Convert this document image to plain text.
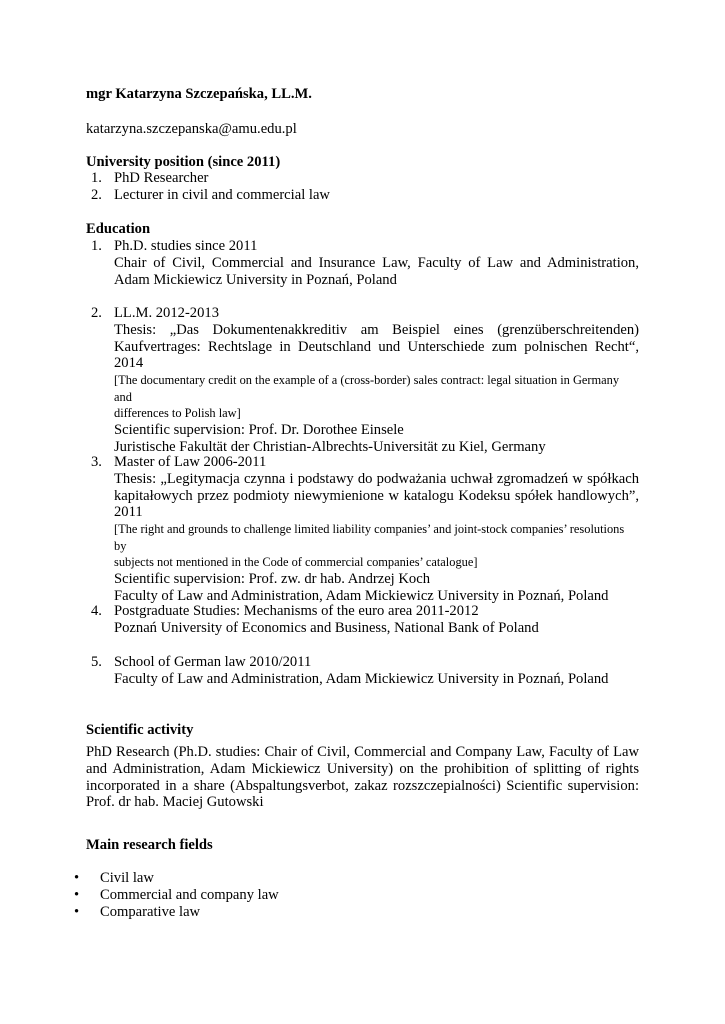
mgr Katarzyna Szczepańska, LL.M.
katarzyna.szczepanska@amu.edu.pl
University position (since 2011)
1. PhD Researcher
2. Lecturer in civil and commercial law
Education
1. Ph.D. studies since 2011
Chair of Civil, Commercial and Insurance Law, Faculty of Law and Administration,
Adam Mickiewicz University in Poznań, Poland
2. LL.M. 2012-2013
Thesis: „Das Dokumentenakkreditiv am Beispiel eines (grenzüberschreitenden)
Kaufvertrages: Rechtslage in Deutschland und Unterschiede zum polnischen Recht“,
2014
[The documentary credit on the example of a (cross-border) sales contract: legal situation in Germany and
differences to Polish law]
Scientific supervision: Prof. Dr. Dorothee Einsele
Juristische Fakultät der Christian-Albrechts-Universität zu Kiel, Germany
3. Master of Law 2006-2011
Thesis: „Legitymacja czynna i podstawy do podważania uchwał zgromadzeń w spółkach
kapitałowych przez podmioty niewymienione w katalogu Kodeksu spółek handlowych”,
2011
[The right and grounds to challenge limited liability companies’ and joint-stock companies’ resolutions by
subjects not mentioned in the Code of commercial companies’ catalogue]
Scientific supervision: Prof. zw. dr hab. Andrzej Koch
Faculty of Law and Administration, Adam Mickiewicz University in Poznań, Poland
4. Postgraduate Studies: Mechanisms of the euro area 2011-2012
Poznań University of Economics and Business, National Bank of Poland
5. School of German law 2010/2011
Faculty of Law and Administration, Adam Mickiewicz University in Poznań, Poland
Scientific activity
PhD Research (Ph.D. studies: Chair of Civil, Commercial and Company Law, Faculty of Law
and Administration, Adam Mickiewicz University) on the prohibition of splitting of rights
incorporated in a share (Abspaltungsverbot, zakaz rozszczepialności) Scientific supervision:
Prof. dr hab. Maciej Gutowski
Main research fields
• Civil law
• Commercial and company law
• Comparative law
